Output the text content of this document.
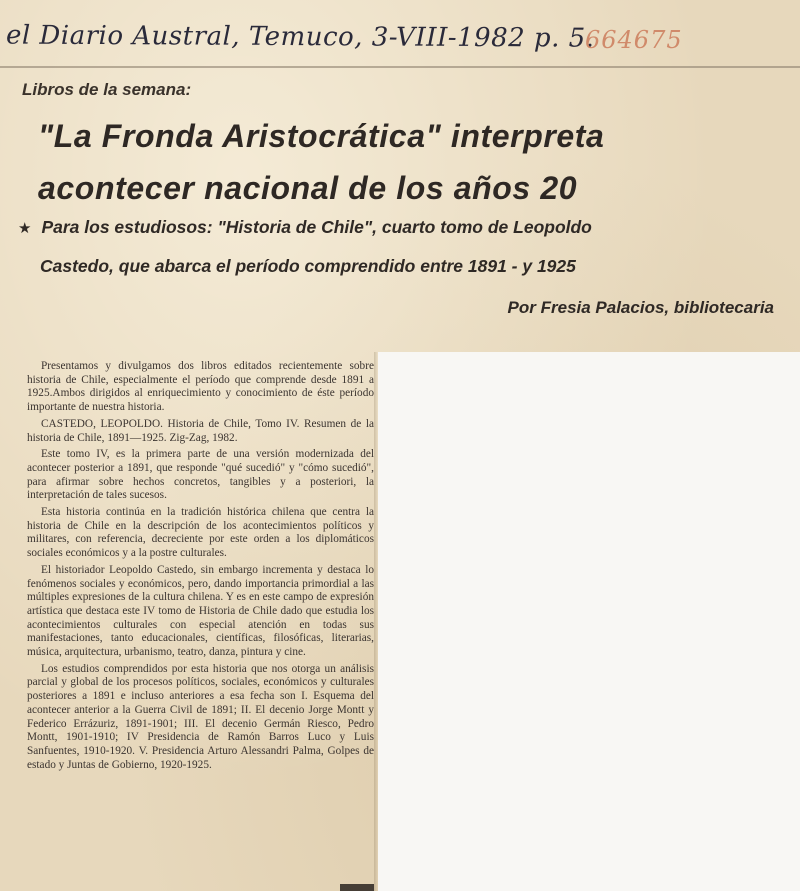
el Diario Austral, Temuco, 3-VIII-1982 p. 5.
664675
Libros de la semana:
"La Fronda Aristocrática" interpreta
acontecer nacional de los años 20
★ Para los estudiosos: "Historia de Chile", cuarto tomo de Leopoldo
Castedo, que abarca el período comprendido entre 1891 - y 1925
Por Fresia Palacios, bibliotecaria

Presentamos y divulgamos dos libros editados recientemente sobre historia de Chile, especialmente el período que comprende desde 1891 a 1925.Ambos dirigidos al enriquecimiento y conocimiento de éste período importante de nuestra historia.

CASTEDO, LEOPOLDO. Historia de Chile, Tomo IV. Resumen de la historia de Chile, 1891—1925. Zig-Zag, 1982.

Este tomo IV, es la primera parte de una versión modernizada del acontecer posterior a 1891, que responde "qué sucedió" y "cómo sucedió", para afirmar sobre hechos concretos, tangibles y a posteriori, la interpretación de tales sucesos.

Esta historia continúa en la tradición histórica chilena que centra la historia de Chile en la descripción de los acontecimientos políticos y militares, con referencia, decreciente por este orden a los diplomáticos sociales económicos y a la postre culturales.

El historiador Leopoldo Castedo, sin embargo incrementa y destaca lo fenómenos sociales y económicos, pero, dando importancia primordial a las múltiples expresiones de la cultura chilena. Y es en este campo de expresión artística que destaca este IV tomo de Historia de Chile dado que estudia los acontecimientos culturales con especial atención en todas sus manifestaciones, tanto educacionales, científicas, filosóficas, literarias, música, arquitectura, urbanismo, teatro, danza, pintura y cine.

Los estudios comprendidos por esta historia que nos otorga un análisis parcial y global de los procesos políticos, sociales, económicos y culturales posteriores a 1891 e incluso anteriores a esa fecha son I. Esquema del acontecer anterior a la Guerra Civil de 1891; II. El decenio Jorge Montt y Federico Errázuriz, 1891-1901; III. El decenio Germán Riesco, Pedro Montt, 1901-1910; IV Presidencia de Ramón Barros Luco y Luis Sanfuentes, 1910-1920. V. Presidencia Arturo Alessandri Palma, Golpes de estado y Juntas de Gobierno, 1920-1925.
